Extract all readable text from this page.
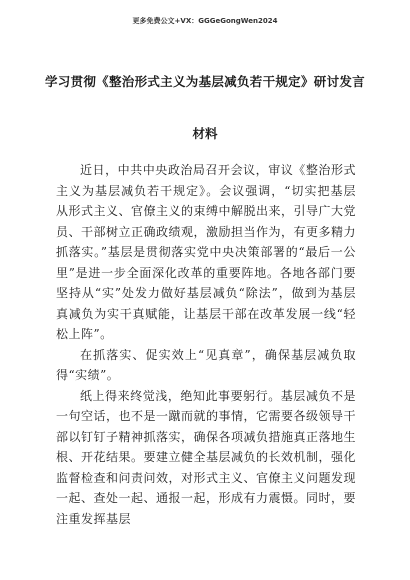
更多免费公文+VX：GGGeGongWen2024
学习贯彻《整治形式主义为基层减负若干规定》研讨发言
材料

近日，中共中央政治局召开会议，审议《整治形式主义为基层减负若干规定》。会议强调，“切实把基层从形式主义、官僚主义的束缚中解脱出来，引导广大党员、干部树立正确政绩观，激励担当作为，有更多精力抓落实。”基层是贯彻落实党中央决策部署的“最后一公里”是进一步全面深化改革的重要阵地。各地各部门要坚持从“实”处发力做好基层减负“除法”，做到为基层真减负为实干真赋能，让基层干部在改革发展一线“轻松上阵”。

在抓落实、促实效上“见真章”，确保基层减负取得“实绩”。

纸上得来终觉浅，绝知此事要躬行。基层减负不是一句空话，也不是一蹴而就的事情，它需要各级领导干部以钉钉子精神抓落实，确保各项减负措施真正落地生根、开花结果。要建立健全基层减负的长效机制，强化监督检查和问责问效，对形式主义、官僚主义问题发现一起、查处一起、通报一起，形成有力震慑。同时，要注重发挥基层
